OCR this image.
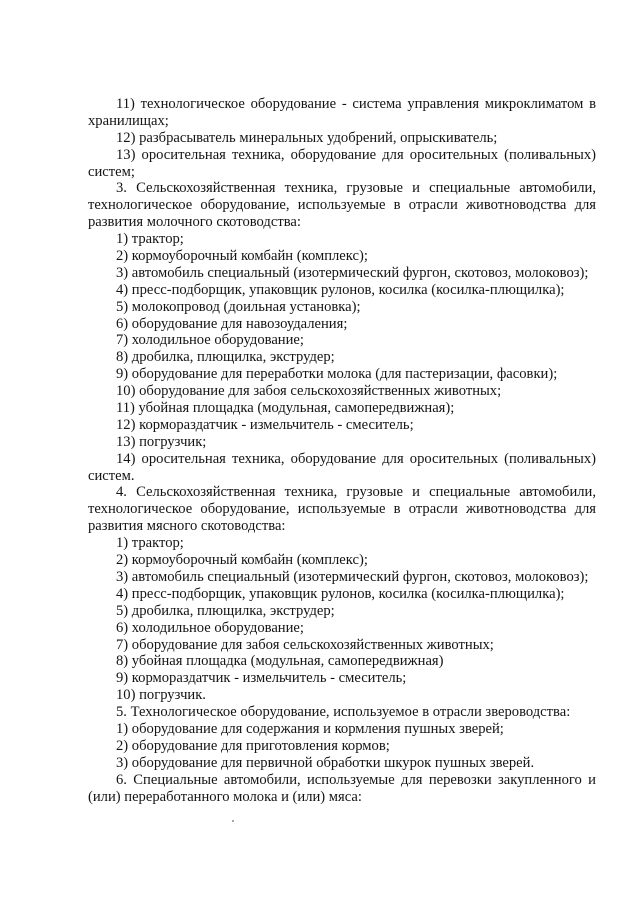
11) технологическое оборудование - система управления микроклиматом в
хранилищах;
12) разбрасыватель минеральных удобрений, опрыскиватель;
13) оросительная техника, оборудование для оросительных (поливальных)
систем;
3. Сельскохозяйственная техника, грузовые и специальные автомобили,
технологическое оборудование, используемые в отрасли животноводства для
развития молочного скотоводства:
1) трактор;
2) кормоуборочный комбайн (комплекс);
3) автомобиль специальный (изотермический фургон, скотовоз, молоковоз);
4) пресс-подборщик, упаковщик рулонов, косилка (косилка-плющилка);
5) молокопровод (доильная установка);
6) оборудование для навозоудаления;
7) холодильное оборудование;
8) дробилка, плющилка, экструдер;
9) оборудование для переработки молока (для пастеризации, фасовки);
10) оборудование для забоя сельскохозяйственных животных;
11) убойная площадка (модульная, самопередвижная);
12) кормораздатчик - измельчитель - смеситель;
13) погрузчик;
14) оросительная техника, оборудование для оросительных (поливальных)
систем.
4. Сельскохозяйственная техника, грузовые и специальные автомобили,
технологическое оборудование, используемые в отрасли животноводства для
развития мясного скотоводства:
1) трактор;
2) кормоуборочный комбайн (комплекс);
3) автомобиль специальный (изотермический фургон, скотовоз, молоковоз);
4) пресс-подборщик, упаковщик рулонов, косилка (косилка-плющилка);
5) дробилка, плющилка, экструдер;
6) холодильное оборудование;
7) оборудование для забоя сельскохозяйственных животных;
8) убойная площадка (модульная, самопередвижная)
9) кормораздатчик - измельчитель - смеситель;
10) погрузчик.
5. Технологическое оборудование, используемое в отрасли звероводства:
1) оборудование для содержания и кормления пушных зверей;
2) оборудование для приготовления кормов;
3) оборудование для первичной обработки шкурок пушных зверей.
6. Специальные автомобили, используемые для перевозки закупленного и
(или) переработанного молока и (или) мяса:
